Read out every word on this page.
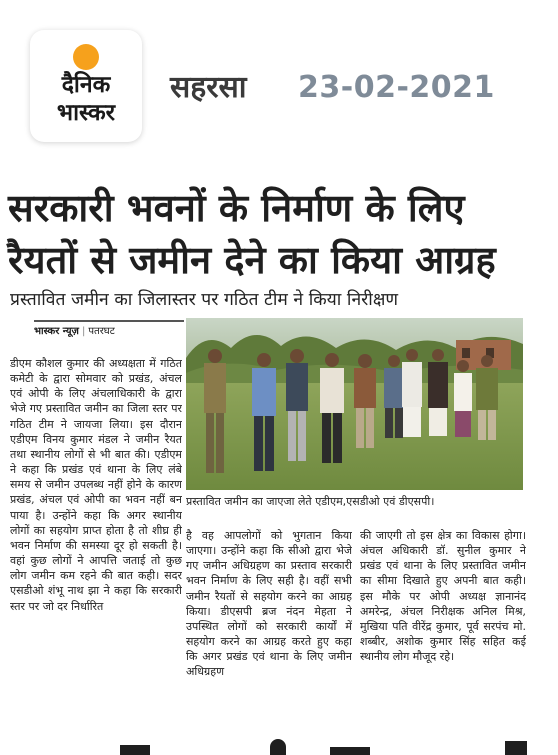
दैनिक
भास्कर
सहरसा 23-02-2021
सरकारी भवनों के निर्माण के लिए
रैयतों से जमीन देने का किया आग्रह
प्रस्तावित जमीन का जिलास्तर पर गठित टीम ने किया निरीक्षण
भास्कर न्यूज़ | पतरघट
प्रस्तावित जमीन का जाएजा लेते एडीएम,एसडीओ एवं डीएसपी।
डीएम कौशल कुमार की अध्यक्षता में गठित कमेटी के द्वारा सोमवार को प्रखंड, अंचल एवं ओपी के लिए अंचलाधिकारी के द्वारा भेजे गए प्रस्तावित जमीन का जिला स्तर पर गठित टीम ने जायजा लिया। इस दौरान एडीएम विनय कुमार मंडल ने जमीन रैयत तथा स्थानीय लोगों से भी बात की। एडीएम ने कहा कि प्रखंड एवं थाना के लिए लंबे समय से जमीन उपलब्ध नहीं होने के कारण प्रखंड, अंचल एवं ओपी का भवन नहीं बन पाया है। उन्होंने कहा कि अगर स्थानीय लोगों का सहयोग प्राप्त होता है तो शीघ्र ही भवन निर्माण की समस्या दूर हो सकती है। वहां कुछ लोगों ने आपत्ति जताई तो कुछ लोग जमीन कम रहने की बात कही। सदर एसडीओ शंभू नाथ झा ने कहा कि सरकारी स्तर पर जो दर निर्धारित
है वह आपलोगों को भुगतान किया जाएगा। उन्होंने कहा कि सीओ द्वारा भेजे गए जमीन अधिग्रहण का प्रस्ताव सरकारी भवन निर्माण के लिए सही है। वहीं सभी जमीन रैयतों से सहयोग करने का आग्रह किया। डीएसपी ब्रज नंदन मेहता ने उपस्थित लोगों को सरकारी कार्यों में सहयोग करने का आग्रह करते हुए कहा कि अगर प्रखंड एवं थाना के लिए जमीन अधिग्रहण
की जाएगी तो इस क्षेत्र का विकास होगा। अंचल अधिकारी डॉ. सुनील कुमार ने प्रखंड एवं थाना के लिए प्रस्तावित जमीन का सीमा दिखाते हुए अपनी बात कही। इस मौके पर ओपी अध्यक्ष ज्ञानानंद अमरेन्द्र, अंचल निरीक्षक अनिल मिश्र, मुखिया पति वीरेंद्र कुमार, पूर्व सरपंच मो. शब्बीर, अशोक कुमार सिंह सहित कई स्थानीय लोग मौजूद रहे।
